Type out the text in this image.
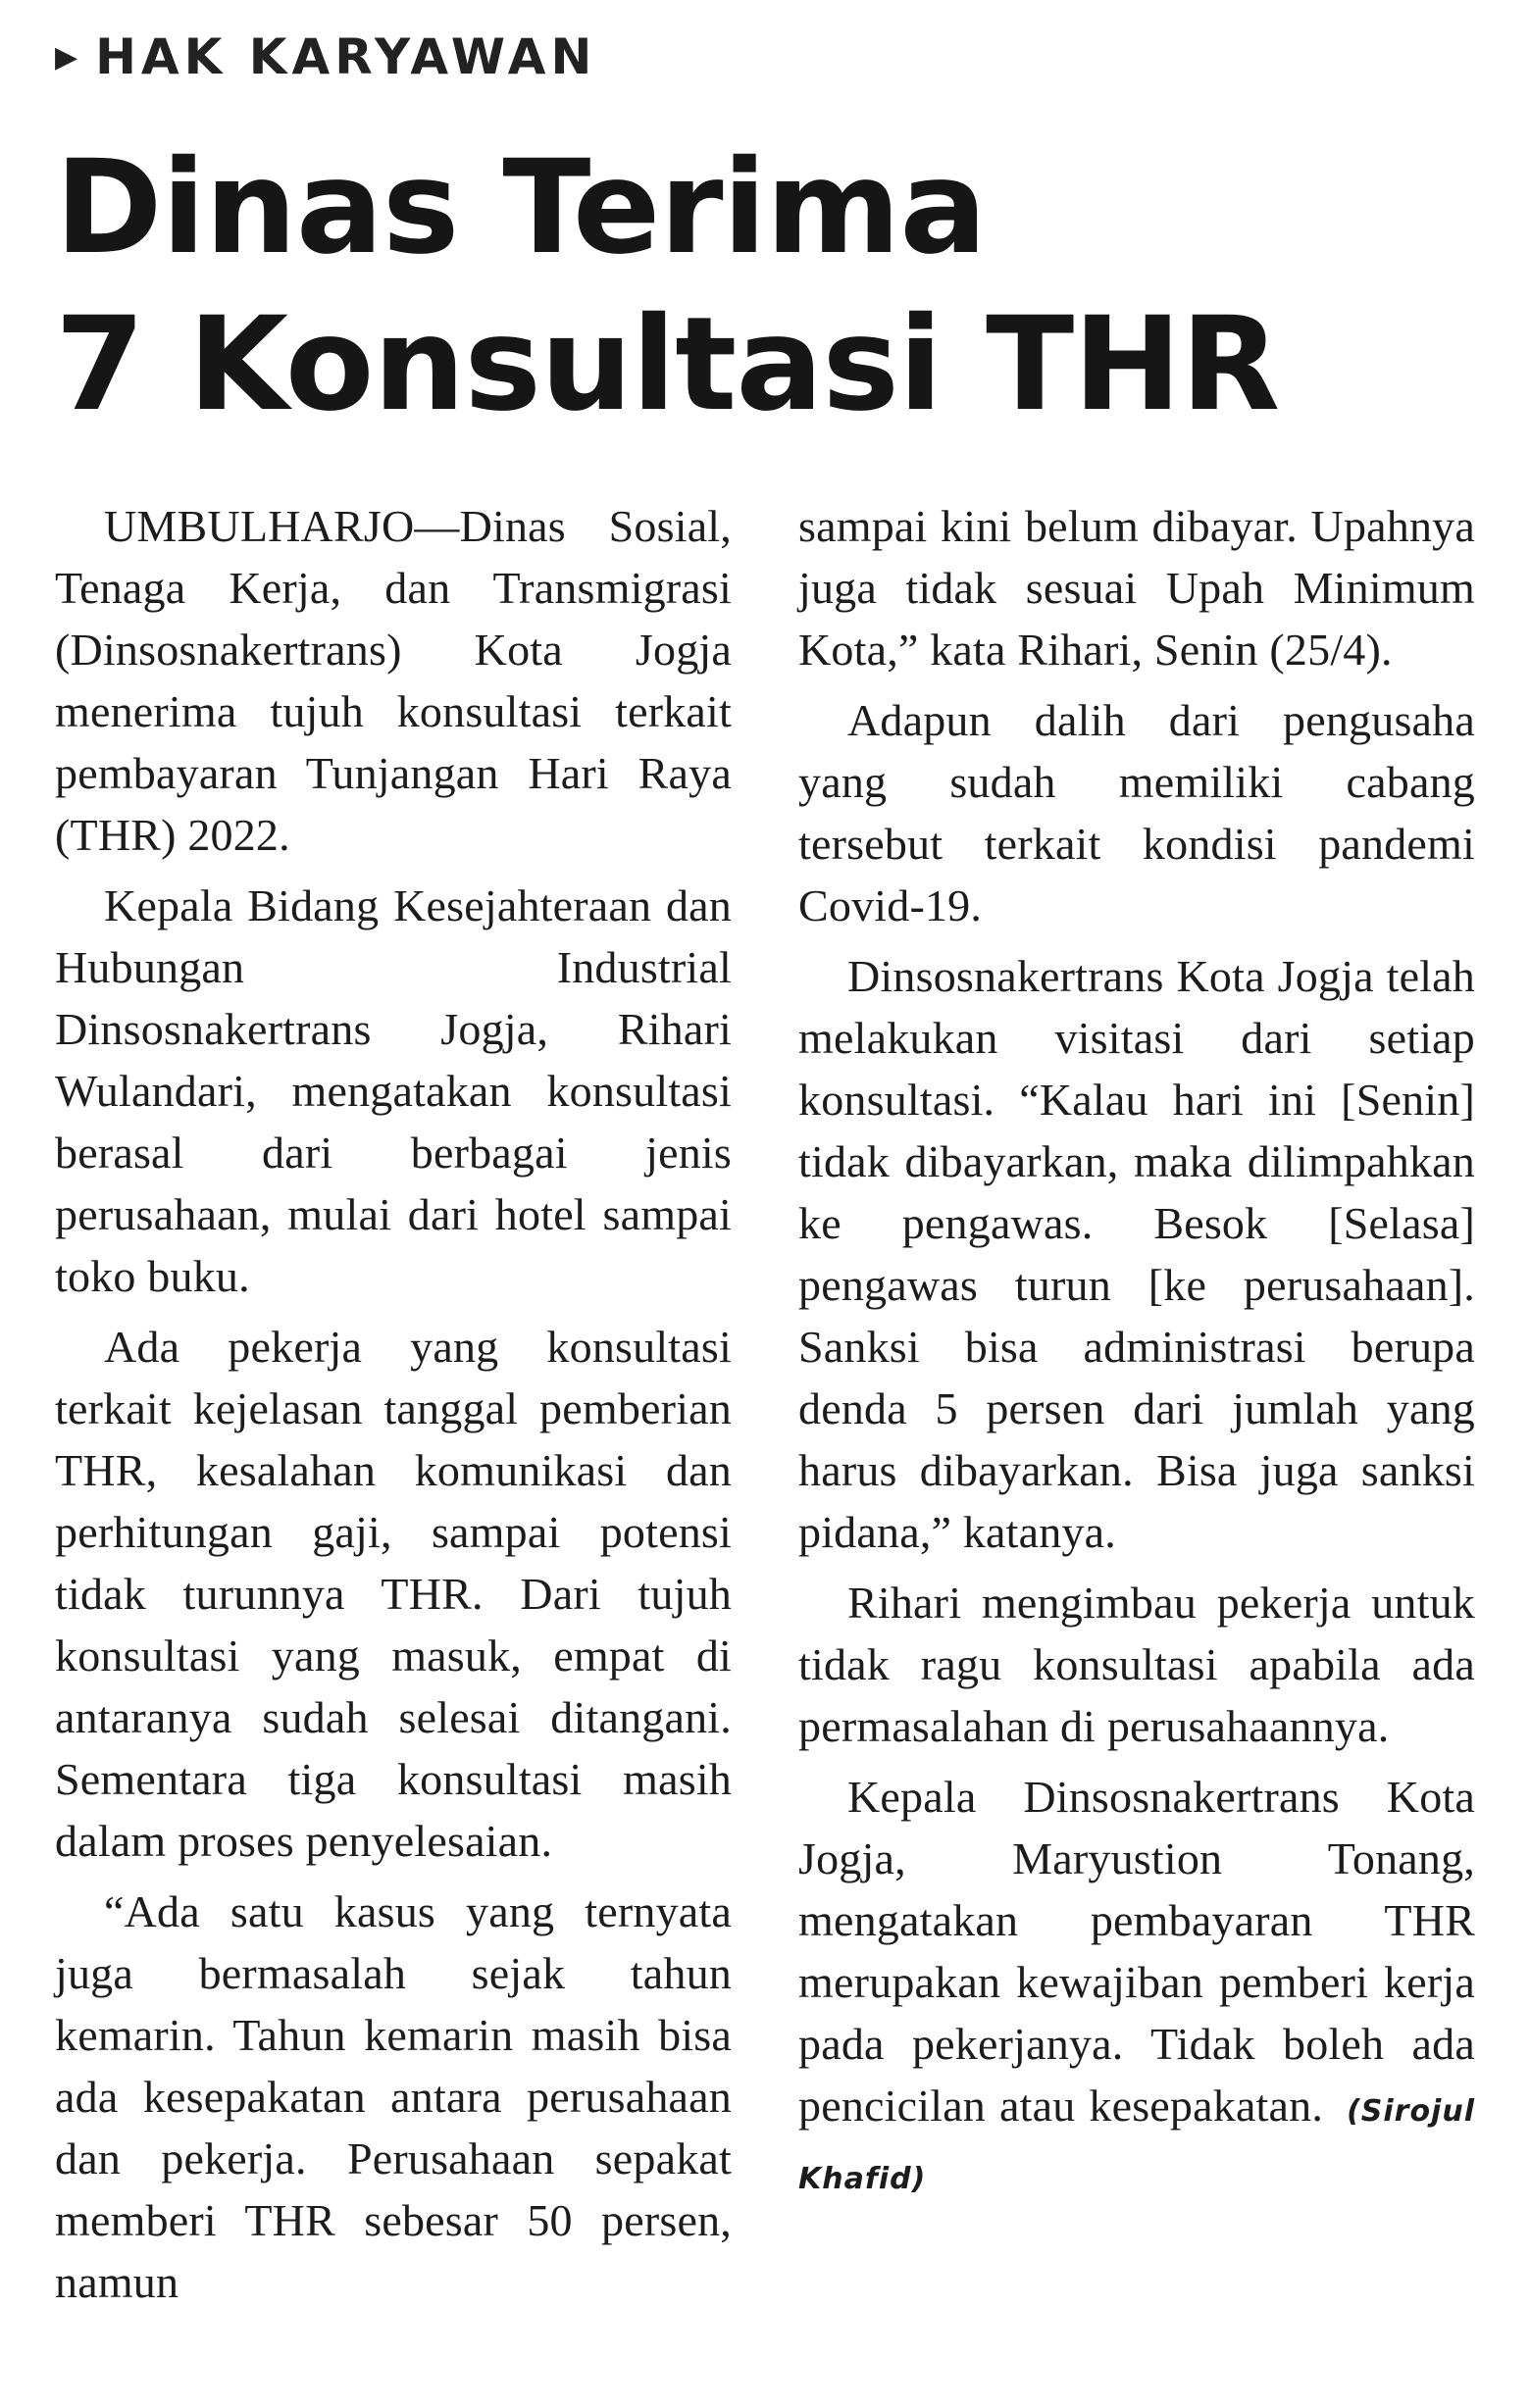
▶ HAK KARYAWAN
Dinas Terima
7 Konsultasi THR

UMBULHARJO—Dinas Sosial, Tenaga Kerja, dan Transmigrasi (Dinsosnakertrans) Kota Jogja menerima tujuh konsultasi terkait pembayaran Tunjangan Hari Raya (THR) 2022.

Kepala Bidang Kesejahteraan dan Hubungan Industrial Dinsosnakertrans Jogja, Rihari Wulandari, mengatakan konsultasi berasal dari berbagai jenis perusahaan, mulai dari hotel sampai toko buku.

Ada pekerja yang konsultasi terkait kejelasan tanggal pemberian THR, kesalahan komunikasi dan perhitungan gaji, sampai potensi tidak turunnya THR. Dari tujuh konsultasi yang masuk, empat di antaranya sudah selesai ditangani. Sementara tiga konsultasi masih dalam proses penyelesaian.

“Ada satu kasus yang ternyata juga bermasalah sejak tahun kemarin. Tahun kemarin masih bisa ada kesepakatan antara perusahaan dan pekerja. Perusahaan sepakat memberi THR sebesar 50 persen, namun

sampai kini belum dibayar. Upahnya juga tidak sesuai Upah Minimum Kota,” kata Rihari, Senin (25/4).

Adapun dalih dari pengusaha yang sudah memiliki cabang tersebut terkait kondisi pandemi Covid-19.

Dinsosnakertrans Kota Jogja telah melakukan visitasi dari setiap konsultasi. “Kalau hari ini [Senin] tidak dibayarkan, maka dilimpahkan ke pengawas. Besok [Selasa] pengawas turun [ke perusahaan]. Sanksi bisa administrasi berupa denda 5 persen dari jumlah yang harus dibayarkan. Bisa juga sanksi pidana,” katanya.

Rihari mengimbau pekerja untuk tidak ragu konsultasi apabila ada permasalahan di perusahaannya.

Kepala Dinsosnakertrans Kota Jogja, Maryustion Tonang, mengatakan pembayaran THR merupakan kewajiban pemberi kerja pada pekerjanya. Tidak boleh ada pencicilan atau kesepakatan. (Sirojul Khafid)
